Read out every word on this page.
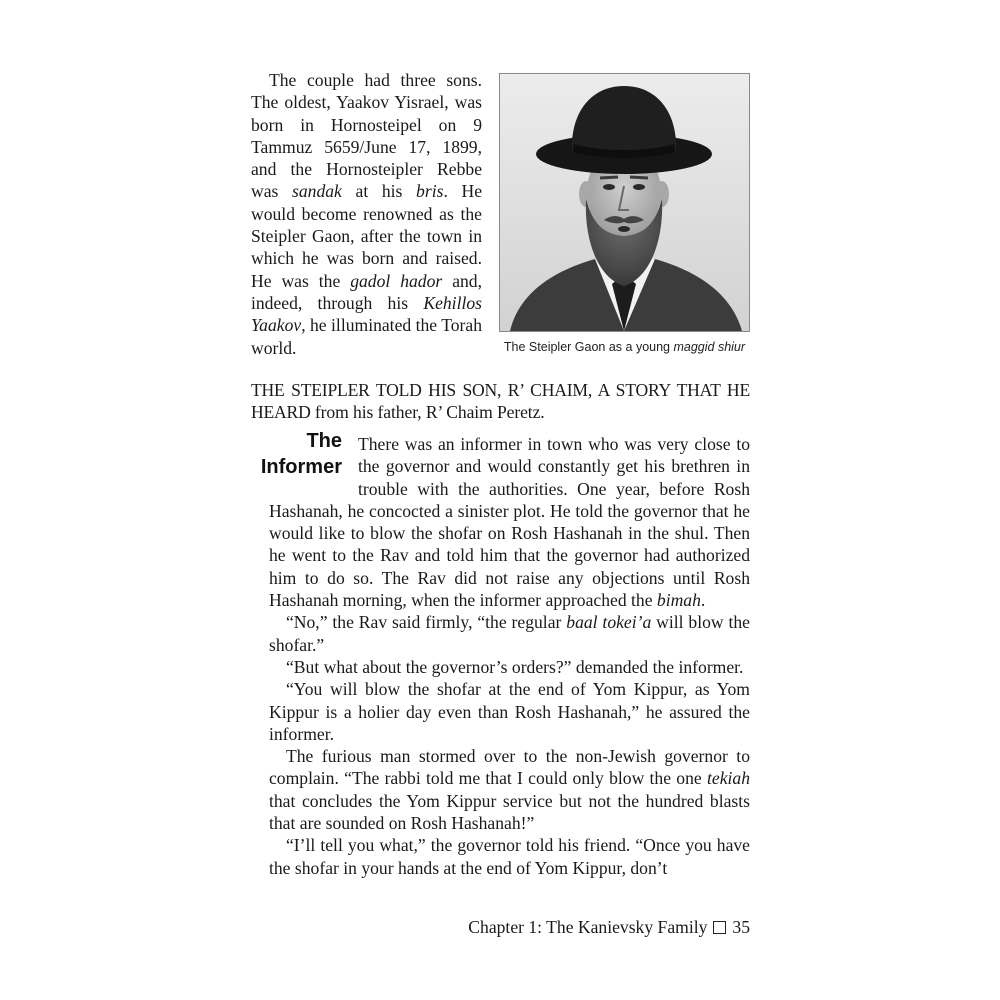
The couple had three sons. The oldest, Yaakov Yisrael, was born in Hornosteipel on 9 Tammuz 5659/June 17, 1899, and the Hornosteipler Rebbe was sandak at his bris. He would become renowned as the Steipler Gaon, after the town in which he was born and raised. He was the gadol hador and, indeed, through his Kehillos Yaakov, he illuminated the Torah world.	The Steipler Gaon as a young maggid shiur

THE STEIPLER TOLD HIS SON, R’ CHAIM, A STORY THAT HE HEARD from his father, R’ Chaim Peretz.

The
Informer

There was an informer in town who was very close to the governor and would constantly get his brethren in trouble with the authorities. One year, before Rosh Hashanah, he concocted a sinister plot. He told the governor that he would like to blow the shofar on Rosh Hashanah in the shul. Then he went to the Rav and told him that the governor had authorized him to do so. The Rav did not raise any objections until Rosh Hashanah morning, when the informer approached the bimah.

“No,” the Rav said firmly, “the regular baal tokei’a will blow the shofar.”

“But what about the governor’s orders?” demanded the informer.

“You will blow the shofar at the end of Yom Kippur, as Yom Kippur is a holier day even than Rosh Hashanah,” he assured the informer.

The furious man stormed over to the non-Jewish governor to complain. “The rabbi told me that I could only blow the one tekiah that concludes the Yom Kippur service but not the hundred blasts that are sounded on Rosh Hashanah!”

“I’ll tell you what,” the governor told his friend. “Once you have the shofar in your hands at the end of Yom Kippur, don’t

Chapter 1: The Kanievsky Family 35
